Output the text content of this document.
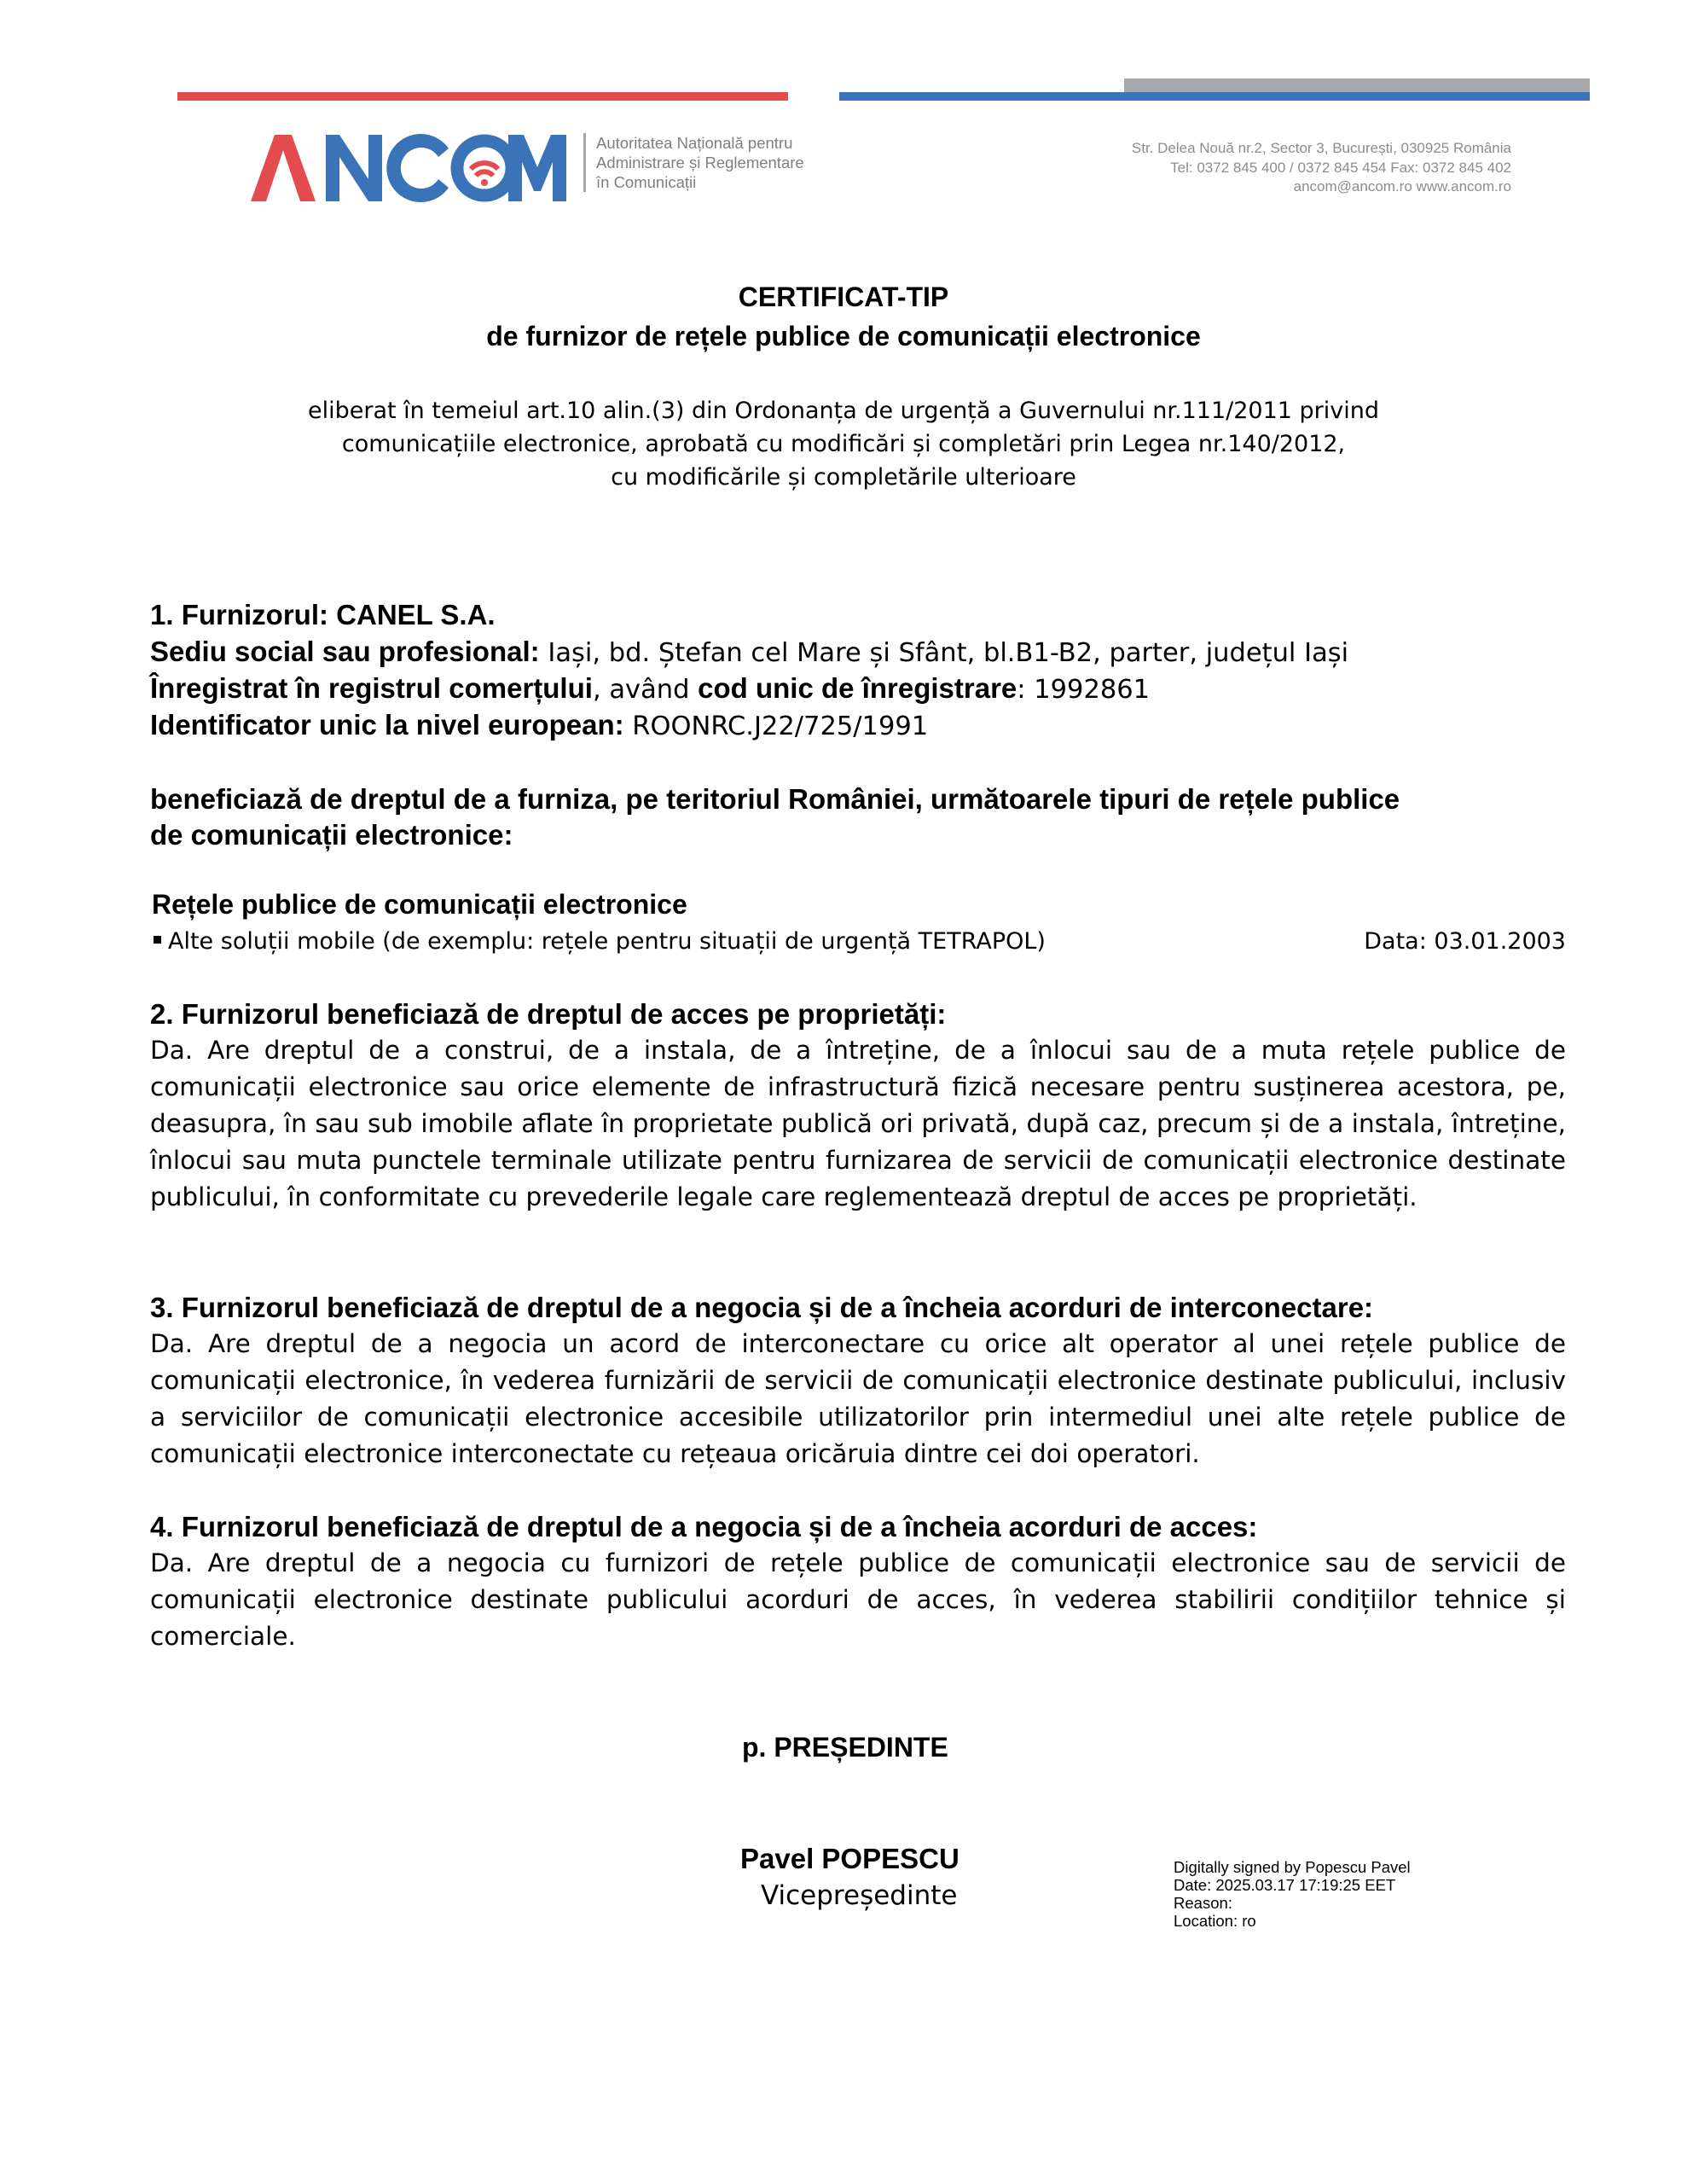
Autoritatea Națională pentru
Administrare și Reglementare
în Comunicații
Str. Delea Nouă nr.2, Sector 3, București, 030925 România
Tel: 0372 845 400 / 0372 845 454 Fax: 0372 845 402
ancom@ancom.ro www.ancom.ro
CERTIFICAT-TIP
de furnizor de rețele publice de comunicații electronice
eliberat în temeiul art.10 alin.(3) din Ordonanța de urgență a Guvernului nr.111/2011 privind
comunicațiile electronice, aprobată cu modificări și completări prin Legea nr.140/2012,
cu modificările și completările ulterioare
1. Furnizorul: CANEL S.A.
Sediu social sau profesional: Iași, bd. Ștefan cel Mare și Sfânt, bl.B1-B2, parter, județul Iași
Înregistrat în registrul comerțului, având cod unic de înregistrare: 1992861
Identificator unic la nivel european: ROONRC.J22/725/1991
beneficiază de dreptul de a furniza, pe teritoriul României, următoarele tipuri de rețele publice
de comunicații electronice:
Rețele publice de comunicații electronice
Alte soluții mobile (de exemplu: rețele pentru situații de urgență TETRAPOL)	Data: 03.01.2003
2. Furnizorul beneficiază de dreptul de acces pe proprietăți:
Da. Are dreptul de a construi, de a instala, de a întreține, de a înlocui sau de a muta rețele publice de comunicații electronice sau orice elemente de infrastructură fizică necesare pentru susținerea acestora, pe, deasupra, în sau sub imobile aflate în proprietate publică ori privată, după caz, precum și de a instala, întreține, înlocui sau muta punctele terminale utilizate pentru furnizarea de servicii de comunicații electronice destinate publicului, în conformitate cu prevederile legale care reglementează dreptul de acces pe proprietăți.
3. Furnizorul beneficiază de dreptul de a negocia și de a încheia acorduri de interconectare:
Da. Are dreptul de a negocia un acord de interconectare cu orice alt operator al unei rețele publice de comunicații electronice, în vederea furnizării de servicii de comunicații electronice destinate publicului, inclusiv a serviciilor de comunicații electronice accesibile utilizatorilor prin intermediul unei alte rețele publice de comunicații electronice interconectate cu rețeaua oricăruia dintre cei doi operatori.
4. Furnizorul beneficiază de dreptul de a negocia și de a încheia acorduri de acces:
Da. Are dreptul de a negocia cu furnizori de rețele publice de comunicații electronice sau de servicii de comunicații electronice destinate publicului acorduri de acces, în vederea stabilirii condițiilor tehnice și comerciale.
p. PREȘEDINTE
Pavel POPESCU
Vicepreședinte
Digitally signed by Popescu Pavel
Date: 2025.03.17 17:19:25 EET
Reason:
Location: ro
